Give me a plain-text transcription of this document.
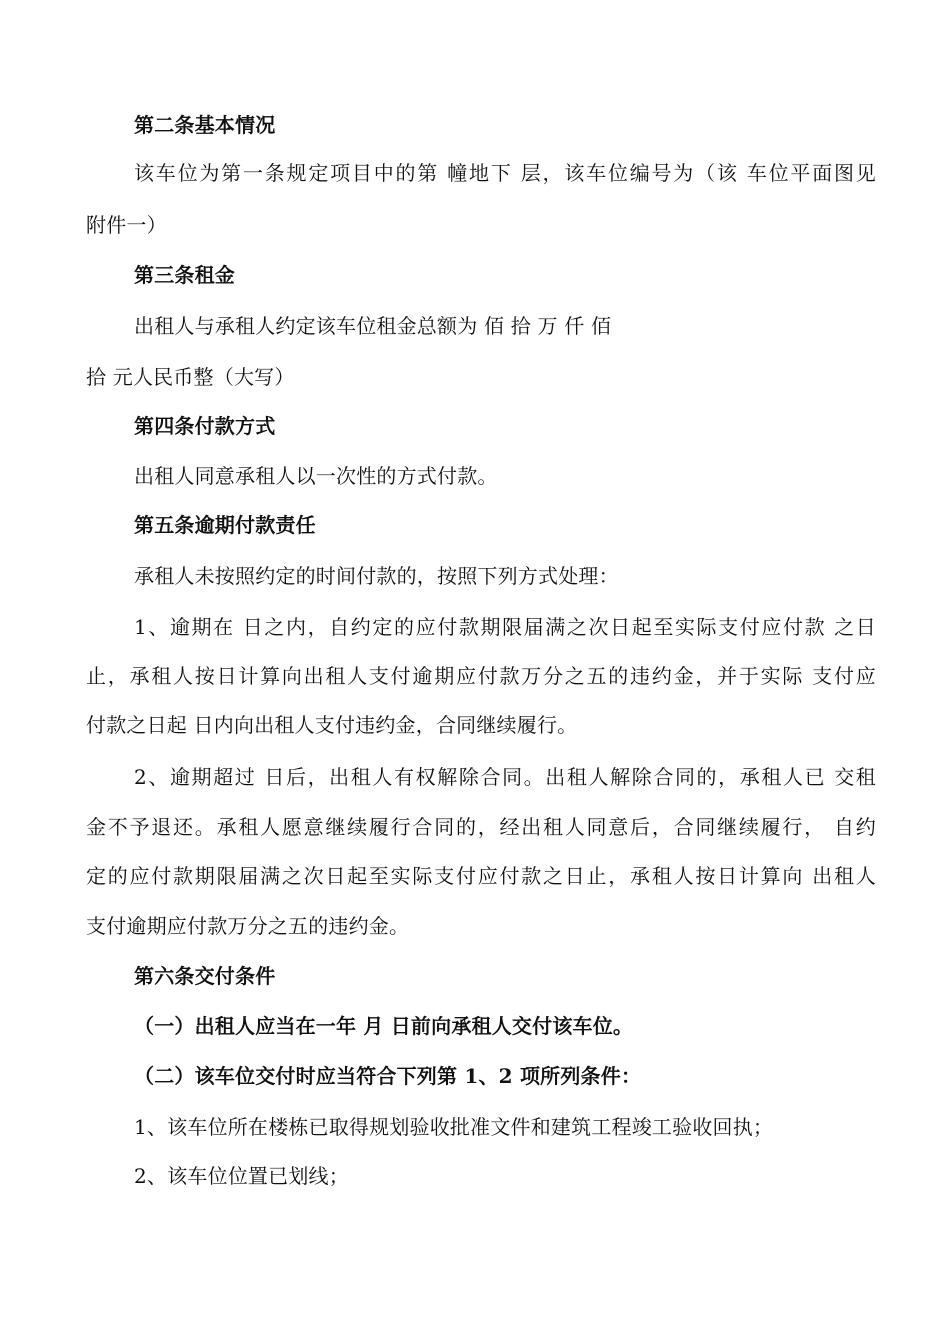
第二条基本情况
该车位为第一条规定项目中的第 幢地下 层，该车位编号为（该 车位平面图见
附件一）
第三条租金
出租人与承租人约定该车位租金总额为 佰 拾 万 仟 佰
拾 元人民币整（大写）
第四条付款方式
出租人同意承租人以一次性的方式付款。
第五条逾期付款责任
承租人未按照约定的时间付款的，按照下列方式处理：
1、逾期在 日之内，自约定的应付款期限届满之次日起至实际支付应付款 之日
止，承租人按日计算向出租人支付逾期应付款万分之五的违约金，并于实际 支付应
付款之日起 日内向出租人支付违约金，合同继续履行。
2、逾期超过 日后，出租人有权解除合同。出租人解除合同的，承租人已 交租
金不予退还。承租人愿意继续履行合同的，经出租人同意后，合同继续履行， 自约
定的应付款期限届满之次日起至实际支付应付款之日止，承租人按日计算向 出租人
支付逾期应付款万分之五的违约金。
第六条交付条件
（一）出租人应当在一年 月 日前向承租人交付该车位。
（二）该车位交付时应当符合下列第 1、2 项所列条件：
1、该车位所在楼栋已取得规划验收批准文件和建筑工程竣工验收回执；
2、该车位位置已划线；
